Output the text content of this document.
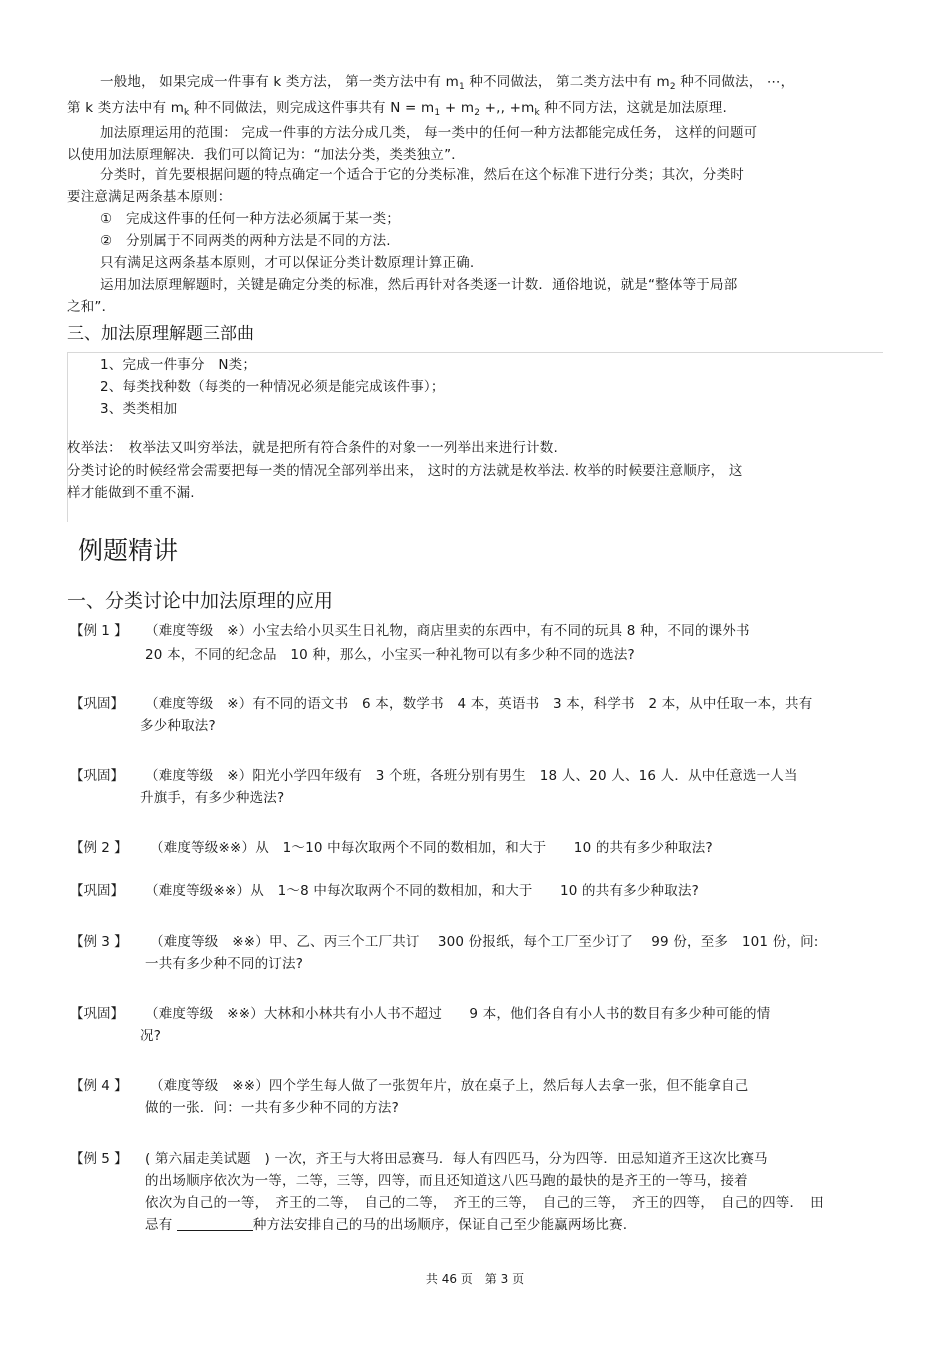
一般地， 如果完成一件事有 k 类方法， 第一类方法中有 $m_1$ 种不同做法， 第二类方法中有 $m_2$ 种不同做法， ⋯，
第 k 类方法中有 $m_k$ 种不同做法，则完成这件事共有 $N = m_1 + m_2$ +,, $+m_k$ 种不同方法，这就是加法原理.
加法原理运用的范围： 完成一件事的方法分成几类， 每一类中的任何一种方法都能完成任务， 这样的问题可
以使用加法原理解决．我们可以简记为：“加法分类，类类独立”．
分类时，首先要根据问题的特点确定一个适合于它的分类标准，然后在这个标准下进行分类；其次，分类时
要注意满足两条基本原则：
①　完成这件事的任何一种方法必须属于某一类；
②　分别属于不同两类的两种方法是不同的方法.
只有满足这两条基本原则，才可以保证分类计数原理计算正确.
运用加法原理解题时，关键是确定分类的标准，然后再针对各类逐一计数．通俗地说，就是“整体等于局部
之和”．
三、加法原理解题三部曲
1、完成一件事分　N类；
2、每类找种数（每类的一种情况必须是能完成该件事）；
3、类类相加
枚举法：　枚举法又叫穷举法，就是把所有符合条件的对象一一列举出来进行计数.
分类讨论的时候经常会需要把每一类的情况全部列举出来， 这时的方法就是枚举法. 枚举的时候要注意顺序， 这
样才能做到不重不漏.
例题精讲
一、分类讨论中加法原理的应用
【例 1 】 （难度等级　※）小宝去给小贝买生日礼物，商店里卖的东西中，有不同的玩具 8 种，不同的课外书
20 本，不同的纪念品　10 种，那么，小宝买一种礼物可以有多少种不同的选法?
【巩固】 （难度等级　※）有不同的语文书　6 本，数学书　4 本，英语书　3 本，科学书　2 本，从中任取一本，共有
多少种取法?
【巩固】 （难度等级　※）阳光小学四年级有　3 个班，各班分别有男生　18 人、20 人、16 人．从中任意选一人当
升旗手，有多少种选法?
【例 2 】 （难度等级※※）从　1～10 中每次取两个不同的数相加，和大于　　10 的共有多少种取法?
【巩固】 （难度等级※※）从　1～8 中每次取两个不同的数相加，和大于　　10 的共有多少种取法?
【例 3 】 （难度等级　※※）甲、乙、丙三个工厂共订　 300 份报纸，每个工厂至少订了　 99 份，至多　101 份，问:
一共有多少种不同的订法?
【巩固】 （难度等级　※※）大林和小林共有小人书不超过　　9 本，他们各自有小人书的数目有多少种可能的情
况?
【例 4 】 （难度等级　※※）四个学生每人做了一张贺年片，放在桌子上，然后每人去拿一张，但不能拿自己
做的一张．问：一共有多少种不同的方法?
【例 5 】 ( 第六届走美试题　) 一次，齐王与大将田忌赛马．每人有四匹马，分为四等．田忌知道齐王这次比赛马
的出场顺序依次为一等，二等，三等，四等，而且还知道这八匹马跑的最快的是齐王的一等马，接着
依次为自己的一等，　齐王的二等，　自己的二等，　齐王的三等，　自己的三等，　齐王的四等，　自己的四等．　田
忌有	种方法安排自己的马的出场顺序，保证自己至少能赢两场比赛.
共 46 页　第 3 页
